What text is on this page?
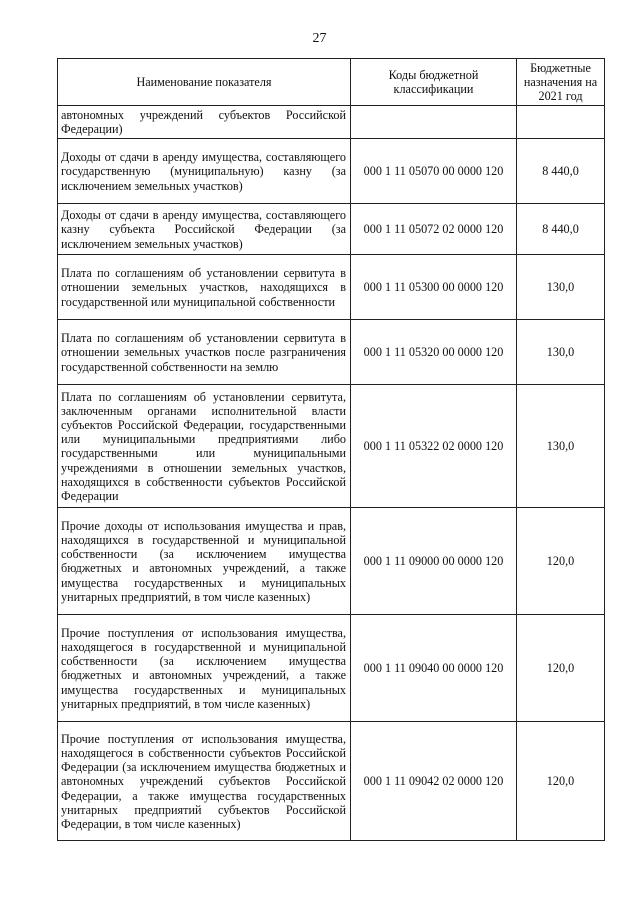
27
Наименование показателя	Коды бюджетной классификации	Бюджетные назначения на 2021 год
автономных учреждений субъектов Российской Федерации)		
Доходы от сдачи в аренду имущества, составляющего государственную (муниципальную) казну (за исключением земельных участков)	000 1 11 05070 00 0000 120	8 440,0
Доходы от сдачи в аренду имущества, составляющего казну субъекта Российской Федерации (за исключением земельных участков)	000 1 11 05072 02 0000 120	8 440,0
Плата по соглашениям об установлении сервитута в отношении земельных участков, находящихся в государственной или муниципальной собственности	000 1 11 05300 00 0000 120	130,0
Плата по соглашениям об установлении сервитута в отношении земельных участков после разграничения государственной собственности на землю	000 1 11 05320 00 0000 120	130,0
Плата по соглашениям об установлении сервитута, заключенным органами исполнительной власти субъектов Российской Федерации, государственными или муниципальными предприятиями либо государственными или муниципальными учреждениями в отношении земельных участков, находящихся в собственности субъектов Российской Федерации	000 1 11 05322 02 0000 120	130,0
Прочие доходы от использования имущества и прав, находящихся в государственной и муниципальной собственности (за исключением имущества бюджетных и автономных учреждений, а также имущества государственных и муниципальных унитарных предприятий, в том числе казенных)	000 1 11 09000 00 0000 120	120,0
Прочие поступления от использования имущества, находящегося в государственной и муниципальной собственности (за исключением имущества бюджетных и автономных учреждений, а также имущества государственных и муниципальных унитарных предприятий, в том числе казенных)	000 1 11 09040 00 0000 120	120,0
Прочие поступления от использования имущества, находящегося в собственности субъектов Российской Федерации (за исключением имущества бюджетных и автономных учреждений субъектов Российской Федерации, а также имущества государственных унитарных предприятий субъектов Российской Федерации, в том числе казенных)	000 1 11 09042 02 0000 120	120,0
